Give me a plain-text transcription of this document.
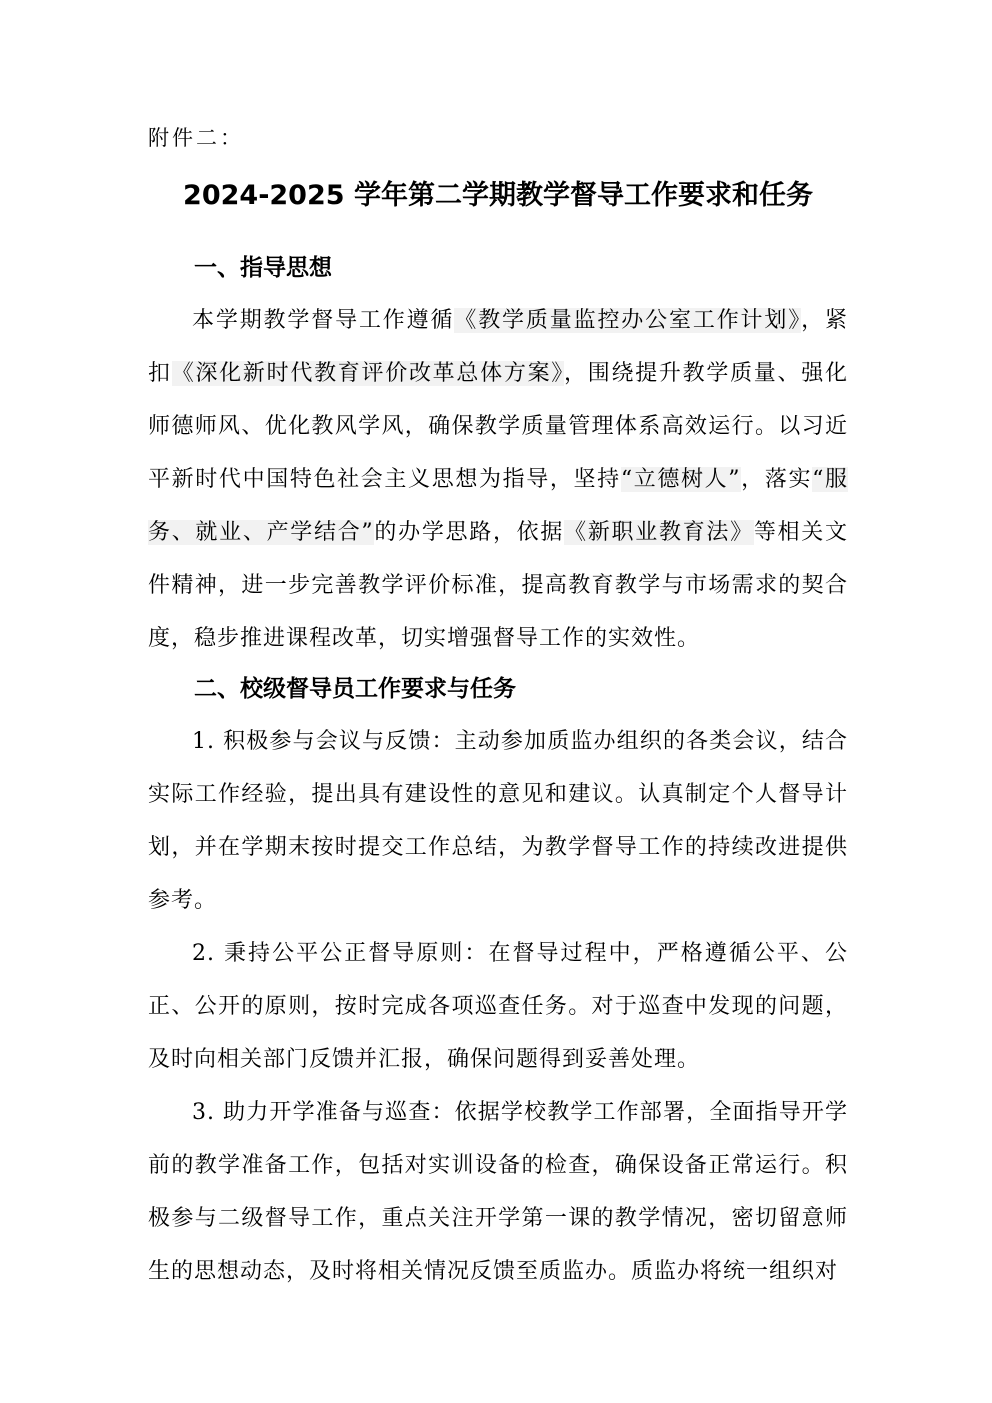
附件二：
2024-2025 学年第二学期教学督导工作要求和任务
一、指导思想

本学期教学督导工作遵循《教学质量监控办公室工作计划》，紧扣《深化新时代教育评价改革总体方案》，围绕提升教学质量、强化师德师风、优化教风学风，确保教学质量管理体系高效运行。以习近平新时代中国特色社会主义思想为指导，坚持“立德树人”，落实“服务、就业、产学结合”的办学思路，依据《新职业教育法》等相关文件精神，进一步完善教学评价标准，提高教育教学与市场需求的契合度，稳步推进课程改革，切实增强督导工作的实效性。

二、校级督导员工作要求与任务

1. 积极参与会议与反馈：主动参加质监办组织的各类会议，结合实际工作经验，提出具有建设性的意见和建议。认真制定个人督导计划，并在学期末按时提交工作总结，为教学督导工作的持续改进提供参考。

2. 秉持公平公正督导原则：在督导过程中，严格遵循公平、公正、公开的原则，按时完成各项巡查任务。对于巡查中发现的问题，及时向相关部门反馈并汇报，确保问题得到妥善处理。

3. 助力开学准备与巡查：依据学校教学工作部署，全面指导开学前的教学准备工作，包括对实训设备的检查，确保设备正常运行。积极参与二级督导工作，重点关注开学第一课的教学情况，密切留意师生的思想动态，及时将相关情况反馈至质监办。质监办将统一组织对
